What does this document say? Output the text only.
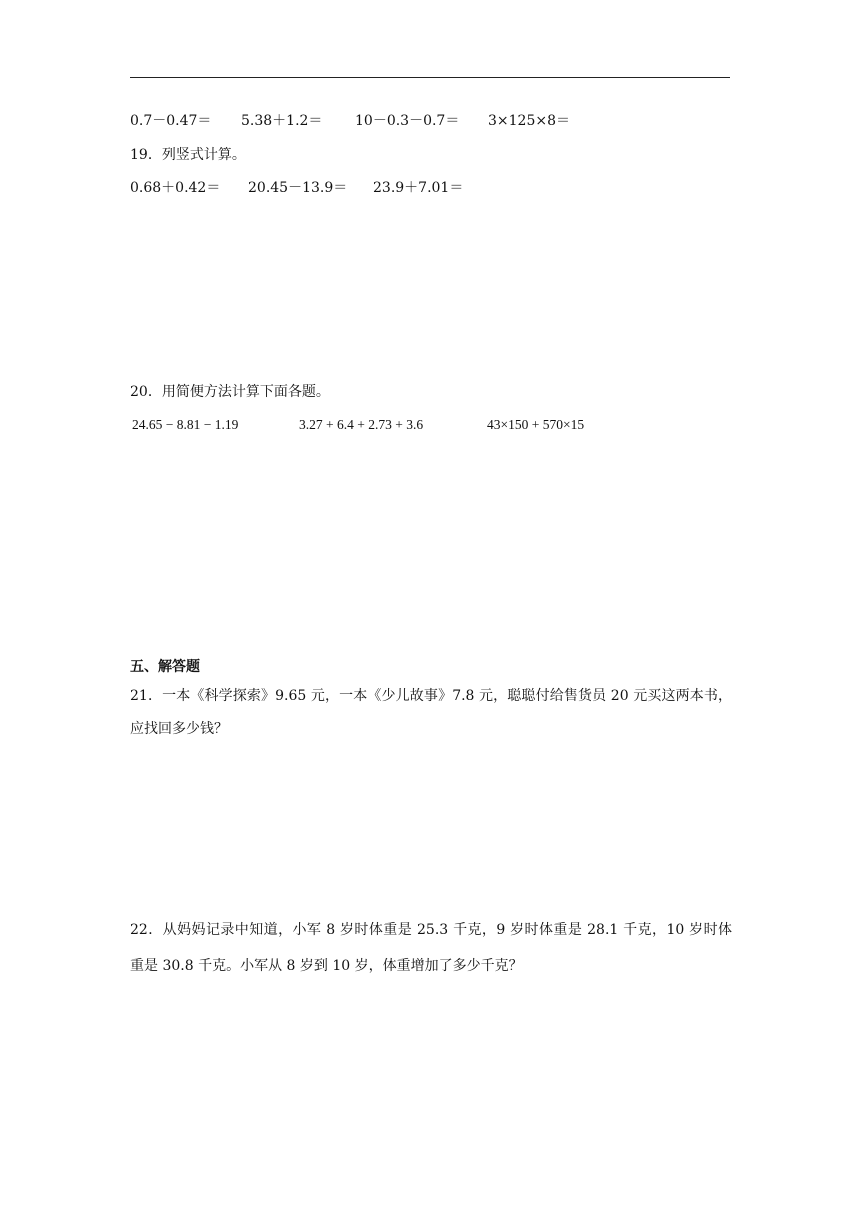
0.7－0.47＝ 5.38＋1.2＝ 10－0.3－0.7＝ 3×125×8＝
19．列竖式计算。
0.68＋0.42＝ 20.45－13.9＝ 23.9＋7.01＝
20．用简便方法计算下面各题。
24.65 − 8.81 − 1.19	3.27 + 6.4 + 2.73 + 3.6	43×150 + 570×15
五、解答题
21．一本《科学探索》9.65 元，一本《少儿故事》7.8 元，聪聪付给售货员 20 元买这两本书，
应找回多少钱？
22．从妈妈记录中知道，小军 8 岁时体重是 25.3 千克，9 岁时体重是 28.1 千克，10 岁时体
重是 30.8 千克。小军从 8 岁到 10 岁，体重增加了多少千克？
